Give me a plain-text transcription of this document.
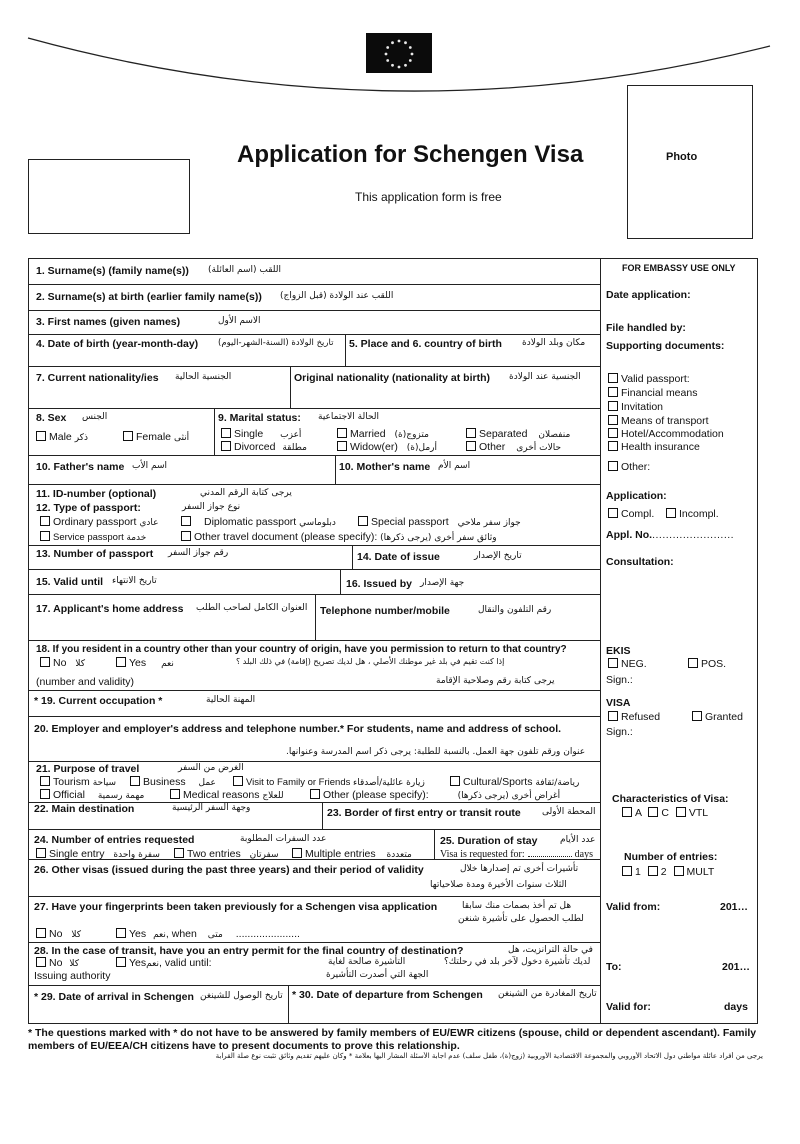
Application for Schengen Visa
This application form is free
Photo
FOR EMBASSY USE ONLY
Date application:
File handled by:
Supporting documents:
Valid passport:
Financial means
Invitation
Means of transport
Hotel/Accommodation
Health insurance
Other:
Application:
Compl.	Incompl.
Appl. No.........................
Consultation:
EKIS
NEG.	POS.
Sign.:
VISA
Refused	Granted
Sign.:
Characteristics of Visa:
A C VTL
Number of entries:
1 2 MULT
Valid from:	201…
To:	201…
Valid for:	days
1. Surname(s) (family name(s)) اللقب (اسم العائلة)
2. Surname(s) at birth (earlier family name(s)) اللقب عند الولادة (قبل الزواج)
3. First names (given names)	الاسم الأول
4. Date of birth (year-month-day) تاريخ الولادة (السنة-الشهر-اليوم) 5. Place and 6. country of birth مكان وبلد الولادة
7. Current nationality/ies الجنسية الحالية	Original nationality (nationality at birth) الجنسية عند الولادة
8. Sex الجنس
Male ذكر	Female أنثى
9. Marital status: الحالة الاجتماعية
Single أعزب
Divorced مطلقة
Married متزوج(ة)
Widow(er) أرمل(ة)
Separated منفصلان
Other حالات أخرى
10. Father's name اسم الأب	10. Mother's name اسم الأم
11. ID-number (optional)	يرجى كتابة الرقم المدني
12. Type of passport:	نوع جواز السفر
Ordinary passport عادي	Diplomatic passport دبلوماسي	Special passport جواز سفر ملاحي
Service passport خدمة	Other travel document (please specify): وثائق سفر أخرى (يرجى ذكرها)
13. Number of passport رقم جواز السفر	14. Date of issue	تاريخ الإصدار
15. Valid until تاريخ الانتهاء	16. Issued by جهة الإصدار
17. Applicant's home address العنوان الكامل لصاحب الطلب Telephone number/mobile	رقم التلفون والنقال
18. If you resident in a country other than your country of origin, have you permission to return to that country?
No كلا	Yes نعم	إذا كنت تقيم في بلد غير موطنك الأصلي ، هل لديك تصريح (إقامة) في ذلك البلد ؟
(number and validity)	يرجى كتابة رقم وصلاحية الإقامة
* 19. Current occupation *	المهنة الحالية
20. Employer and employer's address and telephone number.* For students, name and address of school.
عنوان ورقم تلفون جهة العمل. بالنسبة للطلبة: يرجى ذكر اسم المدرسة وعنوانها.
21. Purpose of travel	الغرض من السفر
Tourism سياحة	Business عمل	Visit to Family or Friends زيارة عائلية/أصدقاء	Cultural/Sports رياضة/ثقافة
Official مهمة رسمية	Medical reasons للعلاج	Other (please specify):	أغراض أخرى (يرجى ذكرها)
22. Main destination	وجهة السفر الرئيسية	23. Border of first entry or transit route المحطة الأولى
24. Number of entries requested	عدد السفرات المطلوبة
Single entry سفرة واحدة	Two entries سفرتان	Multiple entries متعددة
25. Duration of stay	عدد الأيام
Visa is requested for:	days
26. Other visas (issued during the past three years) and their period of validity	تأشيرات أخرى تم إصدارها خلال
الثلاث سنوات الأخيرة ومدة صلاحياتها
27. Have your fingerprints been taken previously for a Schengen visa application	هل تم أخذ بصمات منك سابقا
لطلب الحصول على تأشيرة شنغن
No كلا	Yes نعم, when متى ......................
28. In the case of transit, have you an entry permit for the final country of destination?	في حالة الترانزيت، هل
No كلا	Yesنعم, valid until:	التأشيرة صالحة لغاية	لديك تأشيرة دخول لآخر بلد في رحلتك؟
Issuing authority	الجهة التي أصدرت التأشيرة
* 29. Date of arrival in Schengen تاريخ الوصول للشينغن * 30. Date of departure from Schengen تاريخ المغادرة من الشينغن
* The questions marked with * do not have to be answered by family members of EU/EWR citizens (spouse, child or dependent ascendant). Family members of EU/EEA/CH citizens have to present documents to prove this relationship.
يرجى من أفراد عائلة مواطني دول الاتحاد الأوروبي والمجموعة الاقتصادية الأوروبية (زوج(ة)، طفل سلف) عدم اجابة الأسئلة المشار اليها بعلامة * وكان عليهم تقديم وثائق تثبت نوع صلة القرابة
